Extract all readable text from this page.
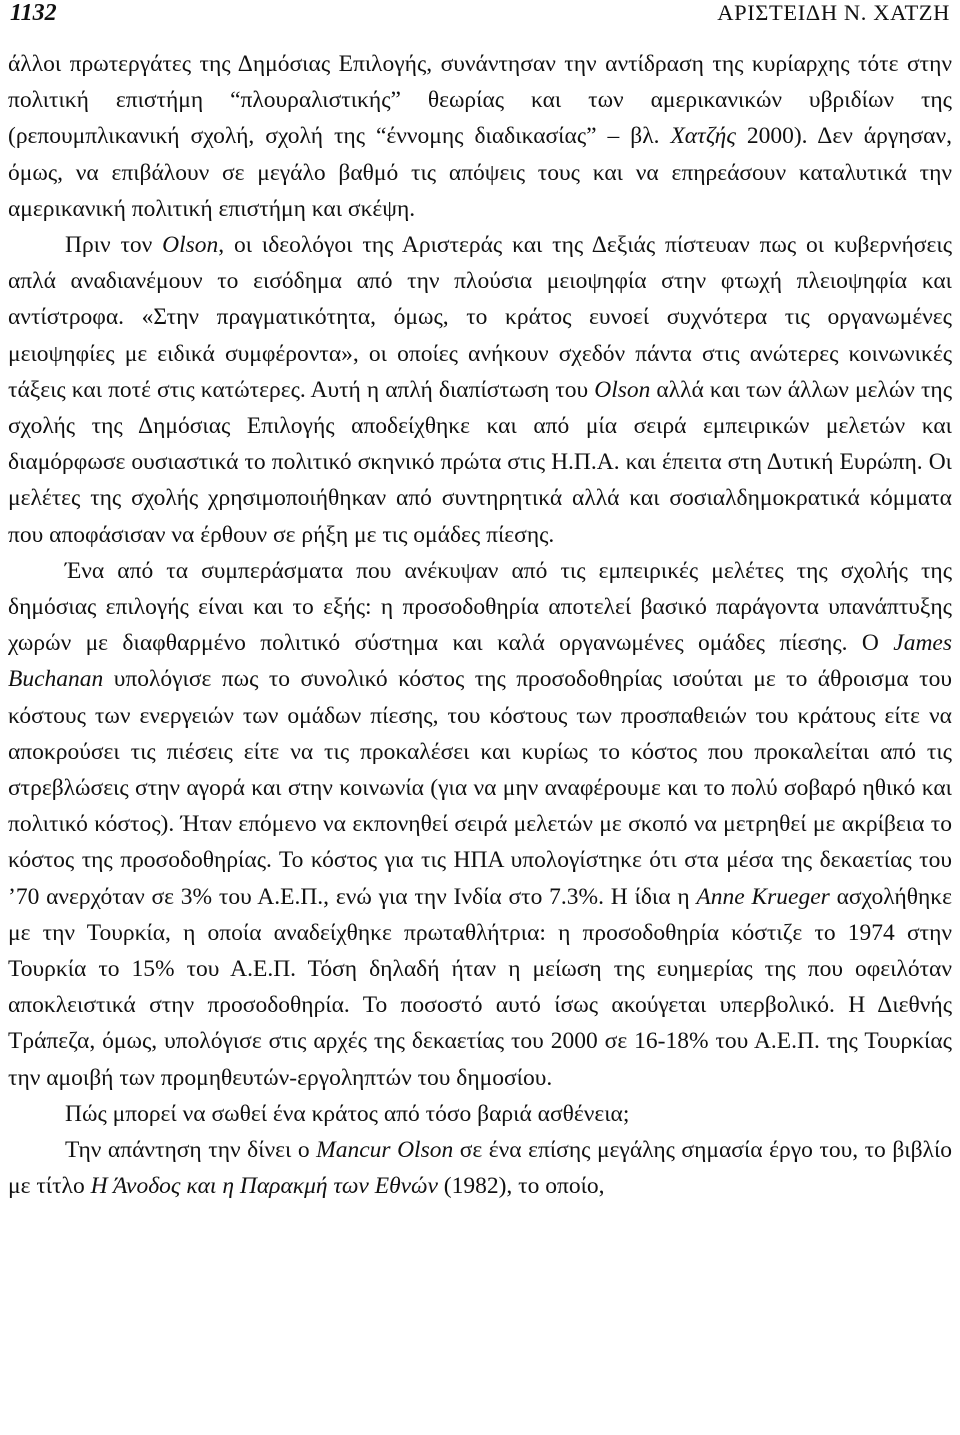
1132	ΑΡΙΣΤΕΙΔΗ Ν. ΧΑΤΖΗ

άλλοι πρωτεργάτες της Δημόσιας Επιλογής, συνάντησαν την αντίδραση της κυρίαρχης τότε στην πολιτική επιστήμη “πλουραλιστικής” θεωρίας και των αμερικανικών υβριδίων της (ρεπουμπλικανική σχολή, σχολή της “έννομης διαδικασίας” – βλ. Χατζής 2000). Δεν άργησαν, όμως, να επιβάλουν σε μεγάλο βαθμό τις απόψεις τους και να επηρεάσουν καταλυτικά την αμερικανική πολιτική επιστήμη και σκέψη.

Πριν τον Olson, οι ιδεολόγοι της Αριστεράς και της Δεξιάς πίστευαν πως οι κυβερνήσεις απλά αναδιανέμουν το εισόδημα από την πλούσια μειοψηφία στην φτωχή πλειοψηφία και αντίστροφα. «Στην πραγματικότητα, όμως, το κράτος ευνοεί συχνότερα τις οργανωμένες μειοψηφίες με ειδικά συμφέροντα», οι οποίες ανήκουν σχεδόν πάντα στις ανώτερες κοινωνικές τάξεις και ποτέ στις κατώτερες. Αυτή η απλή διαπίστωση του Olson αλλά και των άλλων μελών της σχολής της Δημόσιας Επιλογής αποδείχθηκε και από μία σειρά εμπειρικών μελετών και διαμόρφωσε ουσιαστικά το πολιτικό σκηνικό πρώτα στις Η.Π.Α. και έπειτα στη Δυτική Ευρώπη. Οι μελέτες της σχολής χρησιμοποιήθηκαν από συντηρητικά αλλά και σοσιαλδημοκρατικά κόμματα που αποφάσισαν να έρθουν σε ρήξη με τις ομάδες πίεσης.

Ένα από τα συμπεράσματα που ανέκυψαν από τις εμπειρικές μελέτες της σχολής της δημόσιας επιλογής είναι και το εξής: η προσοδοθηρία αποτελεί βασικό παράγοντα υπανάπτυξης χωρών με διαφθαρμένο πολιτικό σύστημα και καλά οργανωμένες ομάδες πίεσης. Ο James Buchanan υπολόγισε πως το συνολικό κόστος της προσοδοθηρίας ισούται με το άθροισμα του κόστους των ενεργειών των ομάδων πίεσης, του κόστους των προσπαθειών του κράτους είτε να αποκρούσει τις πιέσεις είτε να τις προκαλέσει και κυρίως το κόστος που προκαλείται από τις στρεβλώσεις στην αγορά και στην κοινωνία (για να μην αναφέρουμε και το πολύ σοβαρό ηθικό και πολιτικό κόστος). Ήταν επόμενο να εκπονηθεί σειρά μελετών με σκοπό να μετρηθεί με ακρίβεια το κόστος της προσοδοθηρίας. Το κόστος για τις ΗΠΑ υπολογίστηκε ότι στα μέσα της δεκαετίας του ’70 ανερχόταν σε 3% του Α.Ε.Π., ενώ για την Ινδία στο 7.3%. Η ίδια η Anne Krueger ασχολήθηκε με την Τουρκία, η οποία αναδείχθηκε πρωταθλήτρια: η προσοδοθηρία κόστιζε το 1974 στην Τουρκία το 15% του Α.Ε.Π. Τόση δηλαδή ήταν η μείωση της ευημερίας της που οφειλόταν αποκλειστικά στην προσοδοθηρία. Το ποσοστό αυτό ίσως ακούγεται υπερβολικό. Η Διεθνής Τράπεζα, όμως, υπολόγισε στις αρχές της δεκαετίας του 2000 σε 16-18% του Α.Ε.Π. της Τουρκίας την αμοιβή των προμηθευτών-εργοληπτών του δημοσίου.

Πώς μπορεί να σωθεί ένα κράτος από τόσο βαριά ασθένεια;

Την απάντηση την δίνει ο Mancur Olson σε ένα επίσης μεγάλης σημασία έργο του, το βιβλίο με τίτλο Η Άνοδος και η Παρακμή των Εθνών (1982), το οποίο,
